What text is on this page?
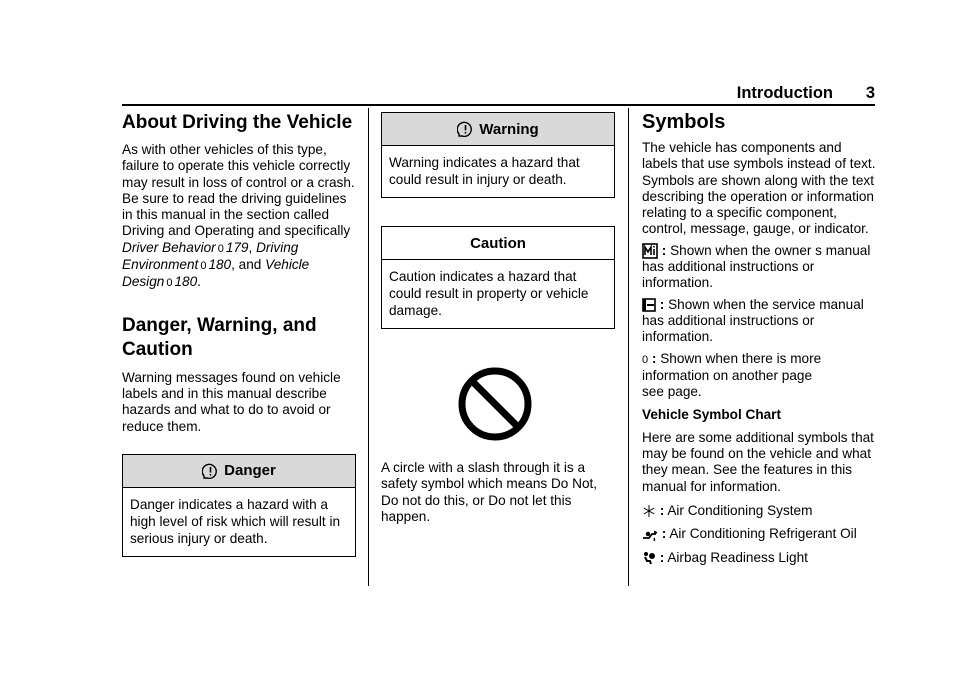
Introduction 3
About Driving the Vehicle

As with other vehicles of this type, failure to operate this vehicle correctly may result in loss of control or a crash. Be sure to read the driving guidelines in this manual in the section called Driving and Operating and specifically Driver Behavior 0 179, Driving Environment 0 180, and Vehicle Design 0 180.

Danger, Warning, and Caution

Warning messages found on vehicle labels and in this manual describe hazards and what to do to avoid or reduce them.

Danger
Danger indicates a hazard with a high level of risk which will result in serious injury or death.
Warning
Warning indicates a hazard that could result in injury or death.
Caution
Caution indicates a hazard that could result in property or vehicle damage.

A circle with a slash through it is a safety symbol which means Do Not, Do not do this, or Do not let this happen.

Symbols

The vehicle has components and labels that use symbols instead of text. Symbols are shown along with the text describing the operation or information relating to a specific component, control, message, gauge, or indicator.

: Shown when the owner s manual has additional instructions or information.

: Shown when the service manual has additional instructions or information.

0 : Shown when there is more information on another page
see page.

Vehicle Symbol Chart

Here are some additional symbols that may be found on the vehicle and what they mean. See the features in this manual for information.

: Air Conditioning System

: Air Conditioning Refrigerant Oil

: Airbag Readiness Light
